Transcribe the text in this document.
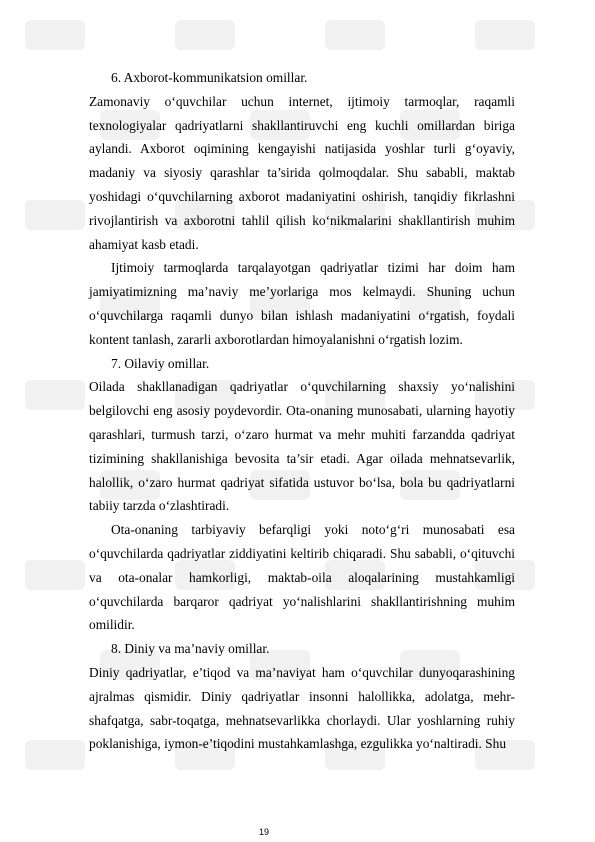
6. Axborot-kommunikatsion omillar.

Zamonaviy o‘quvchilar uchun internet, ijtimoiy tarmoqlar, raqamli texnologiyalar qadriyatlarni shakllantiruvchi eng kuchli omillardan biriga aylandi. Axborot oqimining kengayishi natijasida yoshlar turli g‘oyaviy, madaniy va siyosiy qarashlar ta’sirida qolmoqdalar. Shu sababli, maktab yoshidagi o‘quvchilarning axborot madaniyatini oshirish, tanqidiy fikrlashni rivojlantirish va axborotni tahlil qilish ko‘nikmalarini shakllantirish muhim ahamiyat kasb etadi.

Ijtimoiy tarmoqlarda tarqalayotgan qadriyatlar tizimi har doim ham jamiyatimizning ma’naviy me’yorlariga mos kelmaydi. Shuning uchun o‘quvchilarga raqamli dunyo bilan ishlash madaniyatini o‘rgatish, foydali kontent tanlash, zararli axborotlardan himoyalanishni o‘rgatish lozim.

7. Oilaviy omillar.

Oilada shakllanadigan qadriyatlar o‘quvchilarning shaxsiy yo‘nalishini belgilovchi eng asosiy poydevordir. Ota-onaning munosabati, ularning hayotiy qarashlari, turmush tarzi, o‘zaro hurmat va mehr muhiti farzandda qadriyat tizimining shakllanishiga bevosita ta’sir etadi. Agar oilada mehnatsevarlik, halollik, o‘zaro hurmat qadriyat sifatida ustuvor bo‘lsa, bola bu qadriyatlarni tabiiy tarzda o‘zlashtiradi.

Ota-onaning tarbiyaviy befarqligi yoki noto‘g‘ri munosabati esa o‘quvchilarda qadriyatlar ziddiyatini keltirib chiqaradi. Shu sababli, o‘qituvchi va ota-onalar hamkorligi, maktab-oila aloqalarining mustahkamligi o‘quvchilarda barqaror qadriyat yo‘nalishlarini shakllantirishning muhim omilidir.

8. Diniy va ma’naviy omillar.

Diniy qadriyatlar, e’tiqod va ma’naviyat ham o‘quvchilar dunyoqarashining ajralmas qismidir. Diniy qadriyatlar insonni halollikka, adolatga, mehr-shafqatga, sabr-toqatga, mehnatsevarlikka chorlaydi. Ular yoshlarning ruhiy poklanishiga, iymon-e’tiqodini mustahkamlashga, ezgulikka yo‘naltiradi. Shu

19
